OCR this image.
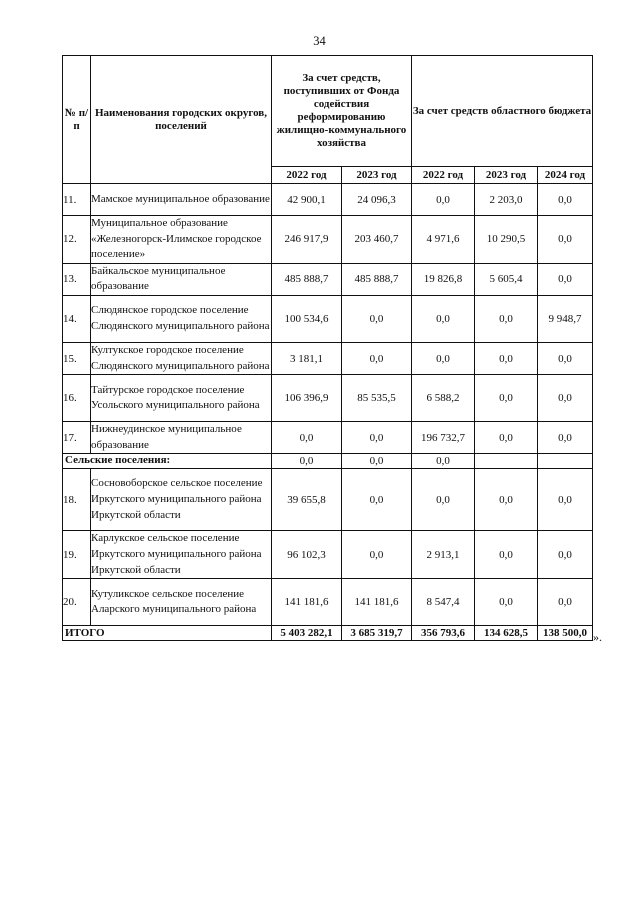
34
№ п/п	Наименования городских округов, поселений	За счет средств, поступивших от Фонда содействия реформированию жилищно-коммунального хозяйства		За счет средств областного бюджета		
		2022 год	2023 год	2022 год	2023 год	2024 год
11.	Мамское муниципальное образование	42 900,1	24 096,3	0,0	2 203,0	0,0
12.	Муниципальное образование «Железногорск-Илимское городское поселение»	246 917,9	203 460,7	4 971,6	10 290,5	0,0
13.	Байкальское муниципальное образование	485 888,7	485 888,7	19 826,8	5 605,4	0,0
14.	Слюдянское городское поселение Слюдянского муниципального района	100 534,6	0,0	0,0	0,0	9 948,7
15.	Култукское городское поселение Слюдянского муниципального района	3 181,1	0,0	0,0	0,0	0,0
16.	Тайтурское городское поселение Усольского муниципального района	106 396,9	85 535,5	6 588,2	0,0	0,0
17.	Нижнеудинское муниципальное образование	0,0	0,0	196 732,7	0,0	0,0
Сельские поселения:		0,0	0,0	0,0		
18.	Сосновоборское сельское поселение Иркутского муниципального района Иркутской области	39 655,8	0,0	0,0	0,0	0,0
19.	Карлукское сельское поселение Иркутского муниципального района Иркутской области	96 102,3	0,0	2 913,1	0,0	0,0
20.	Кутуликское сельское поселение Аларского муниципального района	141 181,6	141 181,6	8 547,4	0,0	0,0
ИТОГО		5 403 282,1	3 685 319,7	356 793,6	134 628,5	138 500,0 ».
